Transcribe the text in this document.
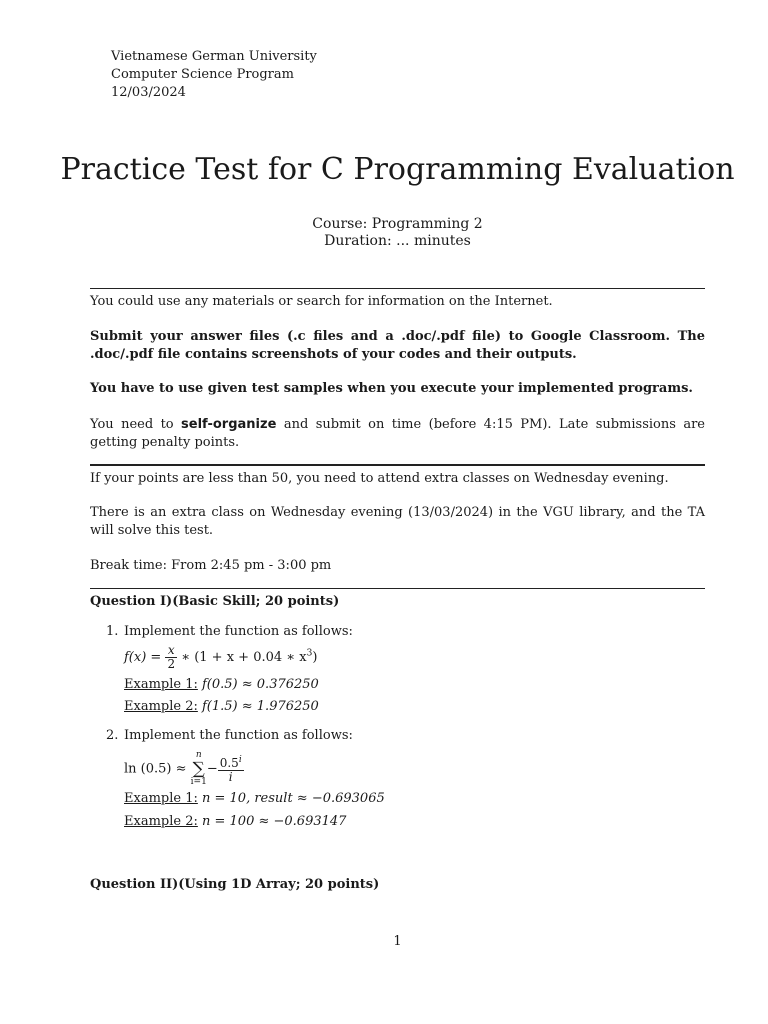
Vietnamese German University
Computer Science Program
12/03/2024
Practice Test for C Programming Evaluation
Course: Programming 2
Duration: ... minutes
You could use any materials or search for information on the Internet.
Submit your answer files (.c files and a .doc/.pdf file) to Google Classroom. The .doc/.pdf file contains screenshots of your codes and their outputs.
You have to use given test samples when you execute your implemented programs.
You need to self-organize and submit on time (before 4:15 PM). Late submissions are getting penalty points.
If your points are less than 50, you need to attend extra classes on Wednesday evening.
There is an extra class on Wednesday evening (13/03/2024) in the VGU library, and the TA will solve this test.
Break time: From 2:45 pm - 3:00 pm
Question I)(Basic Skill; 20 points)
1. Implement the function as follows:
$f(x) = \frac{x}{2}$ ∗ (1 + x + 0.04 ∗ $x^3$)
Example 1: f(0.5) ≈ 0.376250
Example 2: f(1.5) ≈ 1.976250
2. Implement the function as follows:
ln (0.5) ≈
n
∑
i=1
− $\frac{0.5^i}{i}$
Example 1: n = 10, result ≈ −0.693065
Example 2: n = 100 ≈ −0.693147
Question II)(Using 1D Array; 20 points)
1
